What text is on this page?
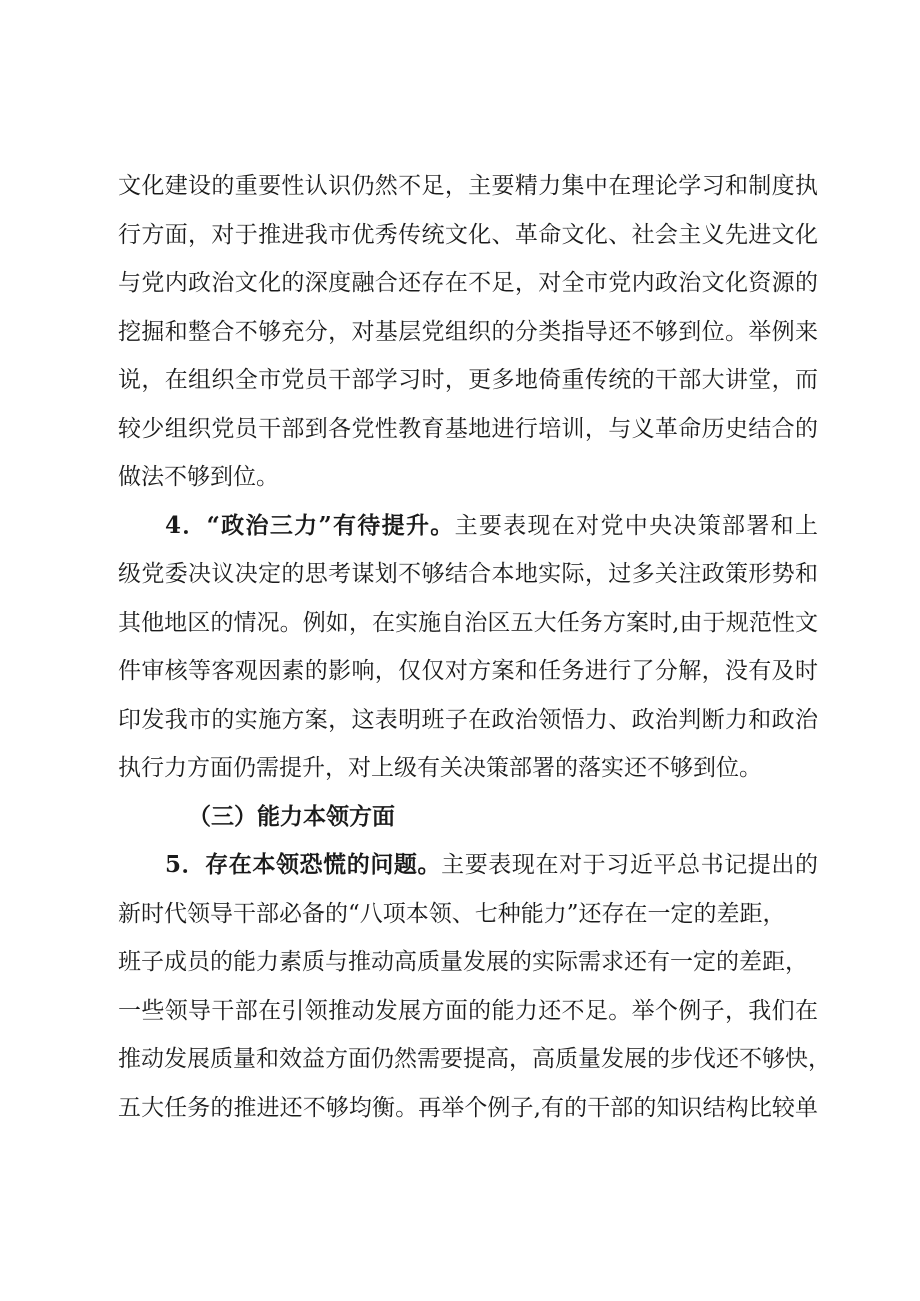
文化建设的重要性认识仍然不足，主要精力集中在理论学习和制度执
行方面，对于推进我市优秀传统文化、革命文化、社会主义先进文化
与党内政治文化的深度融合还存在不足，对全市党内政治文化资源的
挖掘和整合不够充分，对基层党组织的分类指导还不够到位。举例来
说，在组织全市党员干部学习时，更多地倚重传统的干部大讲堂，而
较少组织党员干部到各党性教育基地进行培训，与义革命历史结合的
做法不够到位。
4．“政治三力”有待提升。主要表现在对党中央决策部署和上
级党委决议决定的思考谋划不够结合本地实际，过多关注政策形势和
其他地区的情况。例如，在实施自治区五大任务方案时,由于规范性文
件审核等客观因素的影响，仅仅对方案和任务进行了分解，没有及时
印发我市的实施方案，这表明班子在政治领悟力、政治判断力和政治
执行力方面仍需提升，对上级有关决策部署的落实还不够到位。
（三）能力本领方面
5．存在本领恐慌的问题。主要表现在对于习近平总书记提出的
新时代领导干部必备的“八项本领、七种能力”还存在一定的差距，
班子成员的能力素质与推动高质量发展的实际需求还有一定的差距，
一些领导干部在引领推动发展方面的能力还不足。举个例子，我们在
推动发展质量和效益方面仍然需要提高，高质量发展的步伐还不够快，
五大任务的推进还不够均衡。再举个例子,有的干部的知识结构比较单
